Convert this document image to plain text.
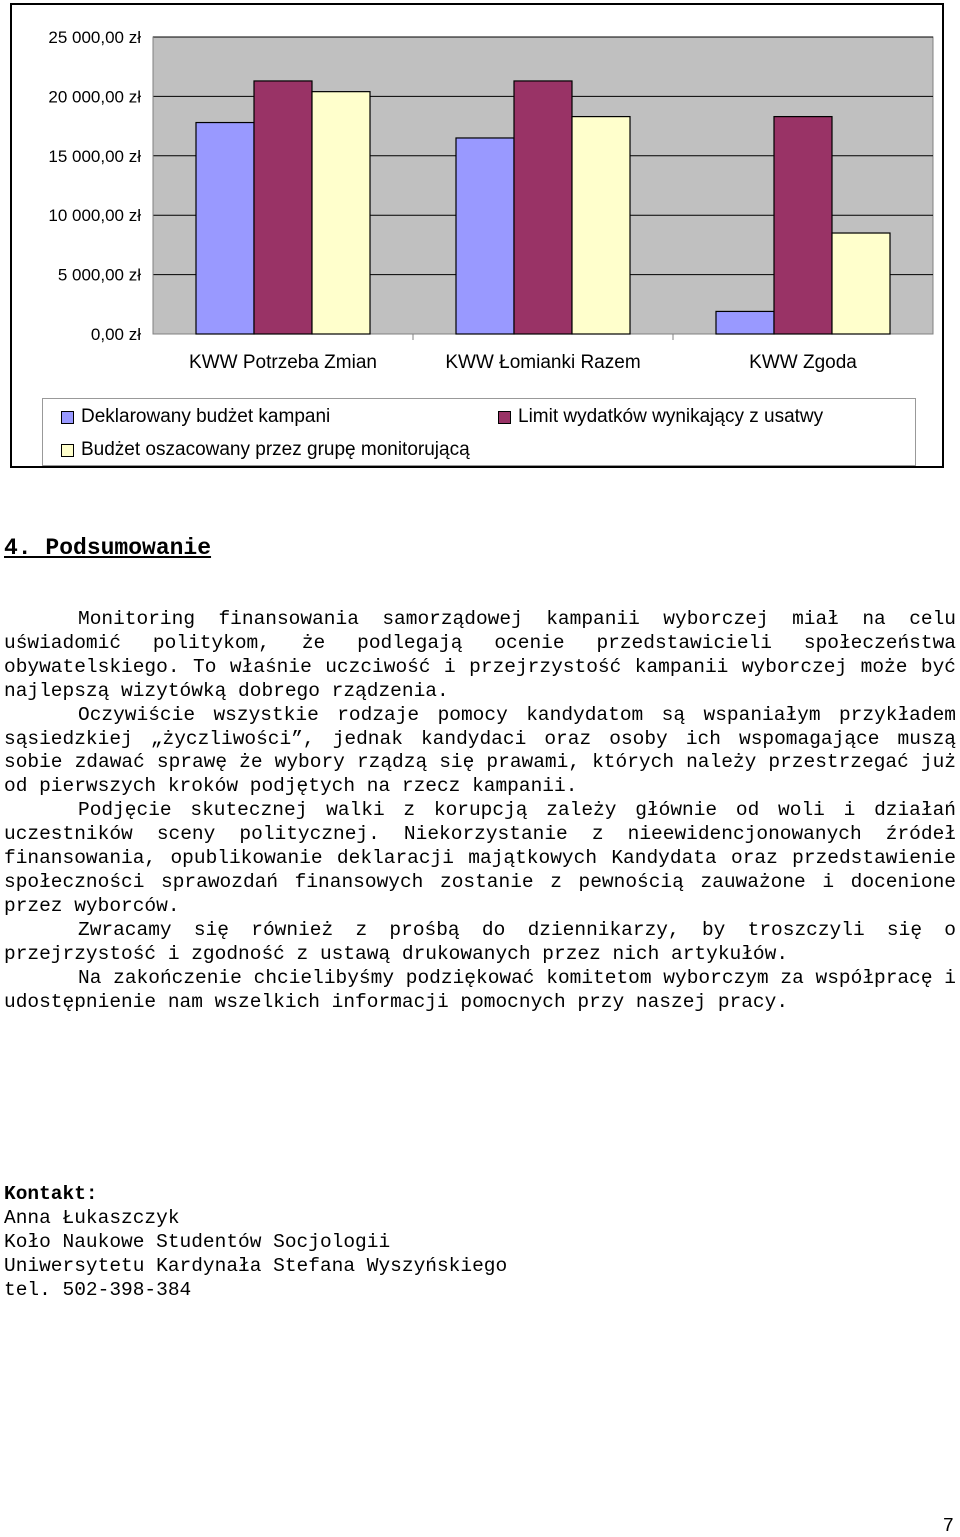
0,00 zł
5 000,00 zł
10 000,00 zł
15 000,00 zł
20 000,00 zł
25 000,00 zł
KWW Potrzeba Zmian	KWW Łomianki Razem	KWW Zgoda
Deklarowany budżet kampani	Limit wydatków wynikający z usatwy
Budżet oszacowany przez grupę monitorującą
4. Podsumowanie

Monitoring finansowania samorządowej kampanii wyborczej miał na celu uświadomić politykom, że podlegają ocenie przedstawicieli społeczeństwa obywatelskiego. To właśnie uczciwość i przejrzystość kampanii wyborczej może być najlepszą wizytówką dobrego rządzenia.

Oczywiście wszystkie rodzaje pomocy kandydatom są wspaniałym przykładem sąsiedzkiej „życzliwości”, jednak kandydaci oraz osoby ich wspomagające muszą sobie zdawać sprawę że wybory rządzą się prawami, których należy przestrzegać już od pierwszych kroków podjętych na rzecz kampanii.

Podjęcie skutecznej walki z korupcją zależy głównie od woli i działań uczestników sceny politycznej. Niekorzystanie z nieewidencjonowanych źródeł finansowania, opublikowanie deklaracji majątkowych Kandydata oraz przedstawienie społeczności sprawozdań finansowych zostanie z pewnością zauważone i docenione przez wyborców.

Zwracamy się również z prośbą do dziennikarzy, by troszczyli się o przejrzystość i zgodność z ustawą drukowanych przez nich artykułów.

Na zakończenie chcielibyśmy podziękować komitetom wyborczym za współpracę i udostępnienie nam wszelkich informacji pomocnych przy naszej pracy.

Kontakt:
Anna Łukaszczyk
Koło Naukowe Studentów Socjologii
Uniwersytetu Kardynała Stefana Wyszyńskiego
tel. 502-398-384
7
